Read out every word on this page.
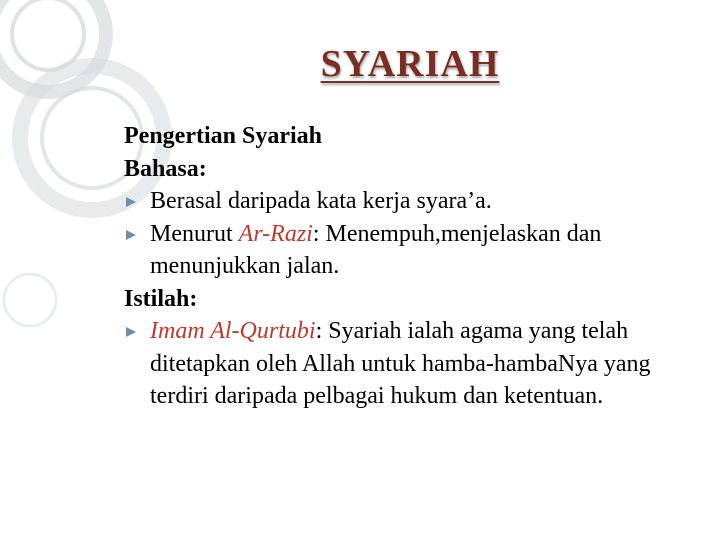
SYARIAH

Pengertian Syariah

Bahasa:

Berasal daripada kata kerja syara’a.

Menurut Ar-Razi: Menempuh,menjelaskan dan menunjukkan jalan.

Istilah:

Imam Al-Qurtubi: Syariah ialah agama yang telah ditetapkan oleh Allah untuk hamba-hambaNya yang terdiri daripada pelbagai hukum dan ketentuan.
